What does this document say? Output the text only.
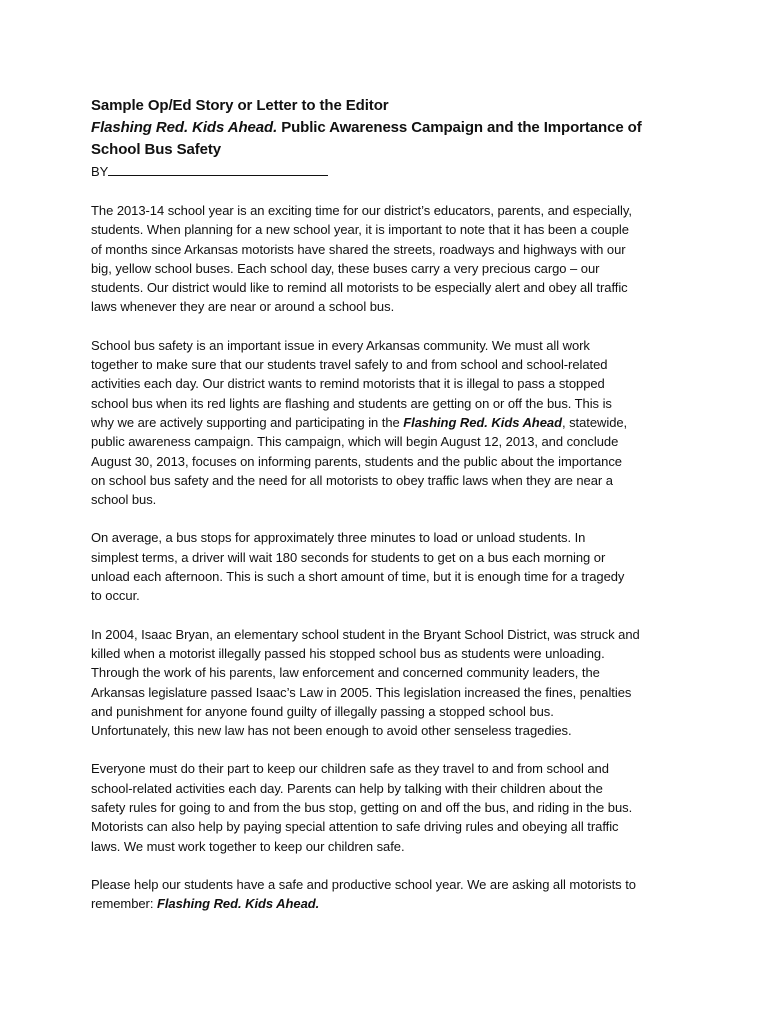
Sample Op/Ed Story or Letter to the Editor

Flashing Red. Kids Ahead. Public Awareness Campaign and the Importance of

School Bus Safety

BY

The 2013-14 school year is an exciting time for our district’s educators, parents, and especially,

students. When planning for a new school year, it is important to note that it has been a couple

of months since Arkansas motorists have shared the streets, roadways and highways with our

big, yellow school buses. Each school day, these buses carry a very precious cargo – our

students. Our district would like to remind all motorists to be especially alert and obey all traffic

laws whenever they are near or around a school bus.

School bus safety is an important issue in every Arkansas community. We must all work

together to make sure that our students travel safely to and from school and school-related

activities each day. Our district wants to remind motorists that it is illegal to pass a stopped

school bus when its red lights are flashing and students are getting on or off the bus. This is

why we are actively supporting and participating in the Flashing Red. Kids Ahead, statewide,

public awareness campaign. This campaign, which will begin August 12, 2013, and conclude

August 30, 2013, focuses on informing parents, students and the public about the importance

on school bus safety and the need for all motorists to obey traffic laws when they are near a

school bus.

On average, a bus stops for approximately three minutes to load or unload students. In

simplest terms, a driver will wait 180 seconds for students to get on a bus each morning or

unload each afternoon. This is such a short amount of time, but it is enough time for a tragedy

to occur.

In 2004, Isaac Bryan, an elementary school student in the Bryant School District, was struck and

killed when a motorist illegally passed his stopped school bus as students were unloading.

Through the work of his parents, law enforcement and concerned community leaders, the

Arkansas legislature passed Isaac’s Law in 2005. This legislation increased the fines, penalties

and punishment for anyone found guilty of illegally passing a stopped school bus.

Unfortunately, this new law has not been enough to avoid other senseless tragedies.

Everyone must do their part to keep our children safe as they travel to and from school and

school-related activities each day. Parents can help by talking with their children about the

safety rules for going to and from the bus stop, getting on and off the bus, and riding in the bus.

Motorists can also help by paying special attention to safe driving rules and obeying all traffic

laws. We must work together to keep our children safe.

Please help our students have a safe and productive school year. We are asking all motorists to

remember: Flashing Red. Kids Ahead.
